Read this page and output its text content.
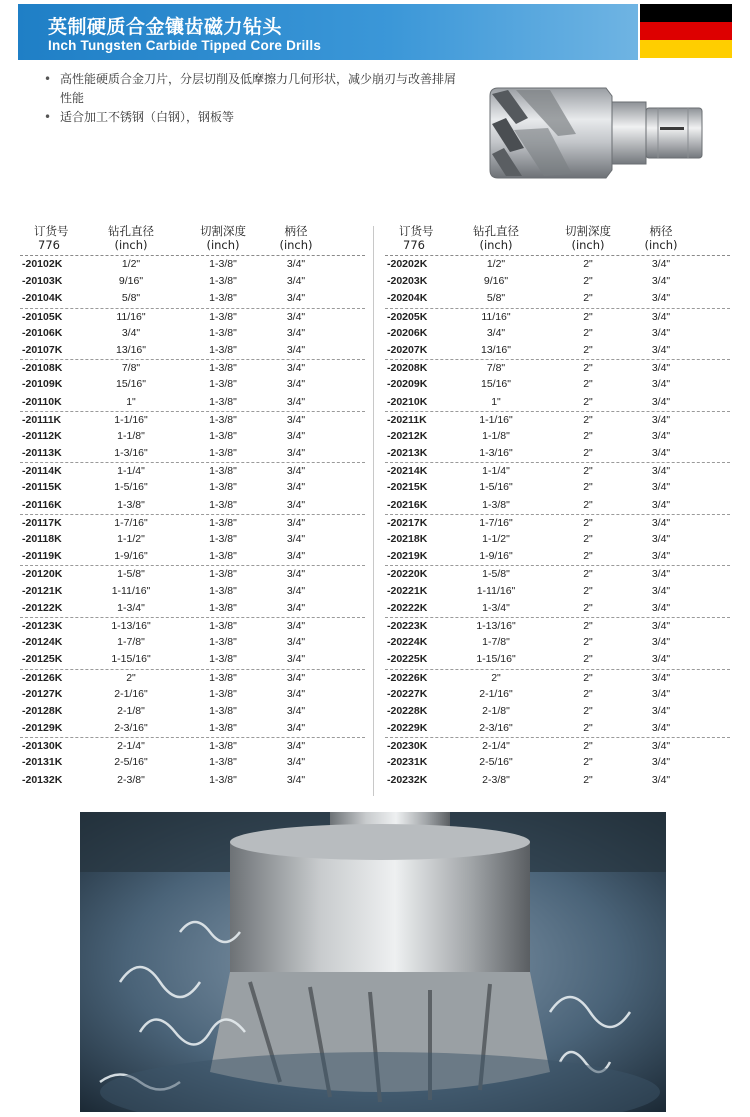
英制硬质合金镶齿磁力钻头
Inch Tungsten Carbide Tipped Core Drills
• 高性能硬质合金刀片，分层切削及低摩擦力几何形状，减少崩刃与改善排屑性能
• 适合加工不锈钢（白钢），钢板等
订货号
776
钻孔直径
(inch)
切割深度
(inch)
柄径
(inch)
-20102K	1/2"	1-3/8"	3/4"
-20103K	9/16"	1-3/8"	3/4"
-20104K	5/8"	1-3/8"	3/4"
-20105K	11/16"	1-3/8"	3/4"
-20106K	3/4"	1-3/8"	3/4"
-20107K	13/16"	1-3/8"	3/4"
-20108K	7/8"	1-3/8"	3/4"
-20109K	15/16"	1-3/8"	3/4"
-20110K	1"	1-3/8"	3/4"
-20111K	1-1/16"	1-3/8"	3/4"
-20112K	1-1/8"	1-3/8"	3/4"
-20113K	1-3/16"	1-3/8"	3/4"
-20114K	1-1/4"	1-3/8"	3/4"
-20115K	1-5/16"	1-3/8"	3/4"
-20116K	1-3/8"	1-3/8"	3/4"
-20117K	1-7/16"	1-3/8"	3/4"
-20118K	1-1/2"	1-3/8"	3/4"
-20119K	1-9/16"	1-3/8"	3/4"
-20120K	1-5/8"	1-3/8"	3/4"
-20121K	1-11/16"	1-3/8"	3/4"
-20122K	1-3/4"	1-3/8"	3/4"
-20123K	1-13/16"	1-3/8"	3/4"
-20124K	1-7/8"	1-3/8"	3/4"
-20125K	1-15/16"	1-3/8"	3/4"
-20126K	2"	1-3/8"	3/4"
-20127K	2-1/16"	1-3/8"	3/4"
-20128K	2-1/8"	1-3/8"	3/4"
-20129K	2-3/16"	1-3/8"	3/4"
-20130K	2-1/4"	1-3/8"	3/4"
-20131K	2-5/16"	1-3/8"	3/4"
-20132K	2-3/8"	1-3/8"	3/4"
订货号
776
钻孔直径
(inch)
切割深度
(inch)
柄径
(inch)
-20202K	1/2"	2"	3/4"
-20203K	9/16"	2"	3/4"
-20204K	5/8"	2"	3/4"
-20205K	11/16"	2"	3/4"
-20206K	3/4"	2"	3/4"
-20207K	13/16"	2"	3/4"
-20208K	7/8"	2"	3/4"
-20209K	15/16"	2"	3/4"
-20210K	1"	2"	3/4"
-20211K	1-1/16"	2"	3/4"
-20212K	1-1/8"	2"	3/4"
-20213K	1-3/16"	2"	3/4"
-20214K	1-1/4"	2"	3/4"
-20215K	1-5/16"	2"	3/4"
-20216K	1-3/8"	2"	3/4"
-20217K	1-7/16"	2"	3/4"
-20218K	1-1/2"	2"	3/4"
-20219K	1-9/16"	2"	3/4"
-20220K	1-5/8"	2"	3/4"
-20221K	1-11/16"	2"	3/4"
-20222K	1-3/4"	2"	3/4"
-20223K	1-13/16"	2"	3/4"
-20224K	1-7/8"	2"	3/4"
-20225K	1-15/16"	2"	3/4"
-20226K	2"	2"	3/4"
-20227K	2-1/16"	2"	3/4"
-20228K	2-1/8"	2"	3/4"
-20229K	2-3/16"	2"	3/4"
-20230K	2-1/4"	2"	3/4"
-20231K	2-5/16"	2"	3/4"
-20232K	2-3/8"	2"	3/4"
